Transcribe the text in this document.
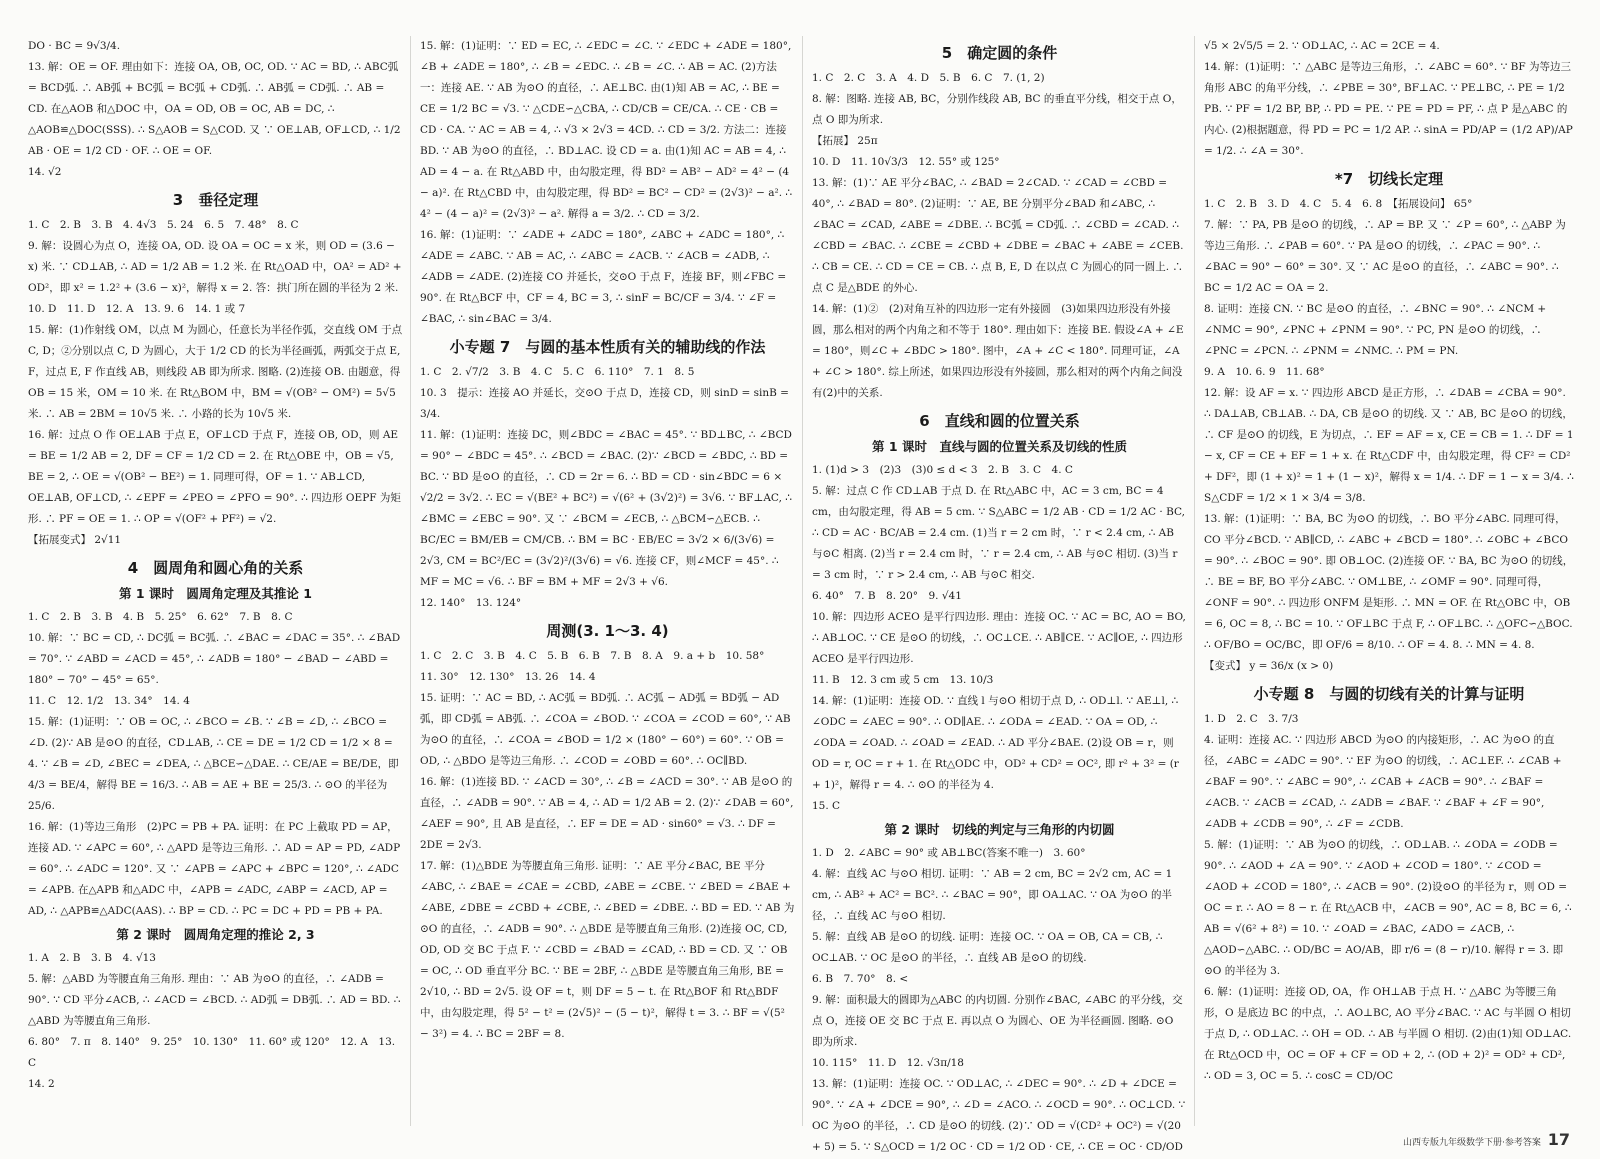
DO · BC = 9√3/4.

13. 解：OE = OF. 理由如下：连接 OA, OB, OC, OD. ∵ AC = BD, ∴ ABC弧 = BCD弧. ∴ AB弧 + BC弧 = BC弧 + CD弧. ∴ AB弧 = CD弧. ∴ AB = CD. 在△AOB 和△DOC 中，OA = OD, OB = OC, AB = DC, ∴ △AOB≌△DOC(SSS). ∴ S△AOB = S△COD. 又 ∵ OE⊥AB, OF⊥CD, ∴ 1/2 AB · OE = 1/2 CD · OF. ∴ OE = OF.

14. √2

3　垂径定理

1. C　2. B　3. B　4. 4√3　5. 24　6. 5　7. 48°　8. C

9. 解：设圆心为点 O，连接 OA, OD. 设 OA = OC = x 米，则 OD = (3.6 − x) 米. ∵ CD⊥AB, ∴ AD = 1/2 AB = 1.2 米. 在 Rt△OAD 中，OA² = AD² + OD²，即 x² = 1.2² + (3.6 − x)²，解得 x = 2. 答：拱门所在圆的半径为 2 米.

10. D　11. D　12. A　13. 9. 6　14. 1 或 7

15. 解：(1)作射线 OM，以点 M 为圆心，任意长为半径作弧，交直线 OM 于点 C, D；②分别以点 C, D 为圆心，大于 1/2 CD 的长为半径画弧，两弧交于点 E, F，过点 E, F 作直线 AB，则线段 AB 即为所求. 图略. (2)连接 OB. 由题意，得 OB = 15 米，OM = 10 米. 在 Rt△BOM 中，BM = √(OB² − OM²) = 5√5 米. ∴ AB = 2BM = 10√5 米. ∴ 小路的长为 10√5 米.

16. 解：过点 O 作 OE⊥AB 于点 E，OF⊥CD 于点 F，连接 OB, OD，则 AE = BE = 1/2 AB = 2, DF = CF = 1/2 CD = 2. 在 Rt△OBE 中，OB = √5, BE = 2, ∴ OE = √(OB² − BE²) = 1. 同理可得，OF = 1. ∵ AB⊥CD, OE⊥AB, OF⊥CD, ∴ ∠EPF = ∠PEO = ∠PFO = 90°. ∴ 四边形 OEPF 为矩形. ∴ PF = OE = 1. ∴ OP = √(OF² + PF²) = √2.

【拓展变式】 2√11

4　圆周角和圆心角的关系
第 1 课时　圆周角定理及其推论 1

1. C　2. B　3. B　4. B　5. 25°　6. 62°　7. B　8. C

10. 解：∵ BC = CD, ∴ DC弧 = BC弧. ∴ ∠BAC = ∠DAC = 35°. ∴ ∠BAD = 70°. ∵ ∠ABD = ∠ACD = 45°, ∴ ∠ADB = 180° − ∠BAD − ∠ABD = 180° − 70° − 45° = 65°.

11. C　12. 1/2　13. 34°　14. 4

15. 解：(1)证明：∵ OB = OC, ∴ ∠BCO = ∠B. ∵ ∠B = ∠D, ∴ ∠BCO = ∠D. (2)∵ AB 是⊙O 的直径，CD⊥AB, ∴ CE = DE = 1/2 CD = 1/2 × 8 = 4. ∵ ∠B = ∠D, ∠BEC = ∠DEA, ∴ △BCE∽△DAE. ∴ CE/AE = BE/DE，即 4/3 = BE/4，解得 BE = 16/3. ∴ AB = AE + BE = 25/3. ∴ ⊙O 的半径为 25/6.

16. 解：(1)等边三角形　(2)PC = PB + PA. 证明：在 PC 上截取 PD = AP，连接 AD. ∵ ∠APC = 60°, ∴ △APD 是等边三角形. ∴ AD = AP = PD, ∠ADP = 60°. ∴ ∠ADC = 120°. 又 ∵ ∠APB = ∠APC + ∠BPC = 120°, ∴ ∠ADC = ∠APB. 在△APB 和△ADC 中，∠APB = ∠ADC, ∠ABP = ∠ACD, AP = AD, ∴ △APB≌△ADC(AAS). ∴ BP = CD. ∴ PC = DC + PD = PB + PA.

第 2 课时　圆周角定理的推论 2, 3

1. A　2. B　3. B　4. √13

5. 解：△ABD 为等腰直角三角形. 理由：∵ AB 为⊙O 的直径，∴ ∠ADB = 90°. ∵ CD 平分∠ACB, ∴ ∠ACD = ∠BCD. ∴ AD弧 = DB弧. ∴ AD = BD. ∴ △ABD 为等腰直角三角形.

6. 80°　7. π　8. 140°　9. 25°　10. 130°　11. 60° 或 120°　12. A　13. C

14. 2

15. 解：(1)证明：∵ ED = EC, ∴ ∠EDC = ∠C. ∵ ∠EDC + ∠ADE = 180°, ∠B + ∠ADE = 180°, ∴ ∠B = ∠EDC. ∴ ∠B = ∠C. ∴ AB = AC. (2)方法一：连接 AE. ∵ AB 为⊙O 的直径，∴ AE⊥BC. 由(1)知 AB = AC, ∴ BE = CE = 1/2 BC = √3. ∵ △CDE∽△CBA, ∴ CD/CB = CE/CA. ∴ CE · CB = CD · CA. ∵ AC = AB = 4, ∴ √3 × 2√3 = 4CD. ∴ CD = 3/2. 方法二：连接 BD. ∵ AB 为⊙O 的直径，∴ BD⊥AC. 设 CD = a. 由(1)知 AC = AB = 4, ∴ AD = 4 − a. 在 Rt△ABD 中，由勾股定理，得 BD² = AB² − AD² = 4² − (4 − a)². 在 Rt△CBD 中，由勾股定理，得 BD² = BC² − CD² = (2√3)² − a². ∴ 4² − (4 − a)² = (2√3)² − a². 解得 a = 3/2. ∴ CD = 3/2.

16. 解：(1)证明：∵ ∠ADE + ∠ADC = 180°, ∠ABC + ∠ADC = 180°, ∴ ∠ADE = ∠ABC. ∵ AB = AC, ∴ ∠ABC = ∠ACB. ∵ ∠ACB = ∠ADB, ∴ ∠ADB = ∠ADE. (2)连接 CO 并延长，交⊙O 于点 F，连接 BF，则∠FBC = 90°. 在 Rt△BCF 中，CF = 4, BC = 3, ∴ sinF = BC/CF = 3/4. ∵ ∠F = ∠BAC, ∴ sin∠BAC = 3/4.

小专题 7　与圆的基本性质有关的辅助线的作法

1. C　2. √7/2　3. B　4. C　5. C　6. 110°　7. 1　8. 5

10. 3　提示：连接 AO 并延长，交⊙O 于点 D，连接 CD，则 sinD = sinB = 3/4.

11. 解：(1)证明：连接 DC，则∠BDC = ∠BAC = 45°. ∵ BD⊥BC, ∴ ∠BCD = 90° − ∠BDC = 45°. ∴ ∠BCD = ∠BAC. (2)∵ ∠BCD = ∠BDC, ∴ BD = BC. ∵ BD 是⊙O 的直径，∴ CD = 2r = 6. ∴ BD = CD · sin∠BDC = 6 × √2/2 = 3√2. ∴ EC = √(BE² + BC²) = √(6² + (3√2)²) = 3√6. ∵ BF⊥AC, ∴ ∠BMC = ∠EBC = 90°. 又 ∵ ∠BCM = ∠ECB, ∴ △BCM∽△ECB. ∴ BC/EC = BM/EB = CM/CB. ∴ BM = BC · EB/EC = 3√2 × 6/(3√6) = 2√3, CM = BC²/EC = (3√2)²/(3√6) = √6. 连接 CF，则∠MCF = 45°. ∴ MF = MC = √6. ∴ BF = BM + MF = 2√3 + √6.

12. 140°　13. 124°

周测(3. 1～3. 4)

1. C　2. C　3. B　4. C　5. B　6. B　7. B　8. A　9. a + b　10. 58°

11. 30°　12. 130°　13. 26　14. 4

15. 证明：∵ AC = BD, ∴ AC弧 = BD弧. ∴ AC弧 − AD弧 = BD弧 − AD弧，即 CD弧 = AB弧. ∴ ∠COA = ∠BOD. ∵ ∠COA = ∠COD = 60°, ∵ AB 为⊙O 的直径，∴ ∠COA = ∠BOD = 1/2 × (180° − 60°) = 60°. ∵ OB = OD, ∴ △BDO 是等边三角形. ∴ ∠COD = ∠OBD = 60°. ∴ OC∥BD.

16. 解：(1)连接 BD. ∵ ∠ACD = 30°, ∴ ∠B = ∠ACD = 30°. ∵ AB 是⊙O 的直径，∴ ∠ADB = 90°. ∵ AB = 4, ∴ AD = 1/2 AB = 2. (2)∵ ∠DAB = 60°, ∠AEF = 90°, 且 AB 是直径，∴ EF = DE = AD · sin60° = √3. ∴ DF = 2DE = 2√3.

17. 解：(1)△BDE 为等腰直角三角形. 证明：∵ AE 平分∠BAC, BE 平分∠ABC, ∴ ∠BAE = ∠CAE = ∠CBD, ∠ABE = ∠CBE. ∵ ∠BED = ∠BAE + ∠ABE, ∠DBE = ∠CBD + ∠CBE, ∴ ∠BED = ∠DBE. ∴ BD = ED. ∵ AB 为⊙O 的直径，∴ ∠ADB = 90°. ∴ △BDE 是等腰直角三角形. (2)连接 OC, CD, OD, OD 交 BC 于点 F. ∵ ∠CBD = ∠BAD = ∠CAD, ∴ BD = CD. 又 ∵ OB = OC, ∴ OD 垂直平分 BC. ∵ BE = 2BF, ∴ △BDE 是等腰直角三角形, BE = 2√10, ∴ BD = 2√5. 设 OF = t，则 DF = 5 − t. 在 Rt△BOF 和 Rt△BDF 中，由勾股定理，得 5² − t² = (2√5)² − (5 − t)²，解得 t = 3. ∴ BF = √(5² − 3²) = 4. ∴ BC = 2BF = 8.

5　确定圆的条件

1. C　2. C　3. A　4. D　5. B　6. C　7. (1, 2)

8. 解：图略. 连接 AB, BC，分别作线段 AB, BC 的垂直平分线，相交于点 O，点 O 即为所求.

【拓展】 25π

10. D　11. 10√3/3　12. 55° 或 125°

13. 解：(1)∵ AE 平分∠BAC, ∴ ∠BAD = 2∠CAD. ∵ ∠CAD = ∠CBD = 40°, ∴ ∠BAD = 80°. (2)证明：∵ AE, BE 分别平分∠BAD 和∠ABC, ∴ ∠BAC = ∠CAD, ∠ABE = ∠DBE. ∴ BC弧 = CD弧. ∴ ∠CBD = ∠CAD. ∴ ∠CBD = ∠BAC. ∴ ∠CBE = ∠CBD + ∠DBE = ∠BAC + ∠ABE = ∠CEB. ∴ CB = CE. ∴ CD = CE = CB. ∴ 点 B, E, D 在以点 C 为圆心的同一圆上. ∴ 点 C 是△BDE 的外心.

14. 解：(1)②　(2)对角互补的四边形一定有外接圆　(3)如果四边形没有外接圆，那么相对的两个内角之和不等于 180°. 理由如下：连接 BE. 假设∠A + ∠E = 180°，则∠C + ∠BDC > 180°. 图中，∠A + ∠C < 180°. 同理可证，∠A + ∠C > 180°. 综上所述，如果四边形没有外接圆，那么相对的两个内角之间没有(2)中的关系.

6　直线和圆的位置关系
第 1 课时　直线与圆的位置关系及切线的性质

1. (1)d > 3　(2)3　(3)0 ≤ d < 3　2. B　3. C　4. C

5. 解：过点 C 作 CD⊥AB 于点 D. 在 Rt△ABC 中，AC = 3 cm, BC = 4 cm，由勾股定理，得 AB = 5 cm. ∵ S△ABC = 1/2 AB · CD = 1/2 AC · BC, ∴ CD = AC · BC/AB = 2.4 cm. (1)当 r = 2 cm 时，∵ r < 2.4 cm, ∴ AB 与⊙C 相离. (2)当 r = 2.4 cm 时，∵ r = 2.4 cm, ∴ AB 与⊙C 相切. (3)当 r = 3 cm 时，∵ r > 2.4 cm, ∴ AB 与⊙C 相交.

6. 40°　7. B　8. 20°　9. √41

10. 解：四边形 ACEO 是平行四边形. 理由：连接 OC. ∵ AC = BC, AO = BO, ∴ AB⊥OC. ∵ CE 是⊙O 的切线，∴ OC⊥CE. ∴ AB∥CE. ∵ AC∥OE, ∴ 四边形 ACEO 是平行四边形.

11. B　12. 3 cm 或 5 cm　13. 10/3

14. 解：(1)证明：连接 OD. ∵ 直线 l 与⊙O 相切于点 D, ∴ OD⊥l. ∵ AE⊥l, ∴ ∠ODC = ∠AEC = 90°. ∴ OD∥AE. ∴ ∠ODA = ∠EAD. ∵ OA = OD, ∴ ∠ODA = ∠OAD. ∴ ∠OAD = ∠EAD. ∴ AD 平分∠BAE. (2)设 OB = r，则 OD = r, OC = r + 1. 在 Rt△ODC 中，OD² + CD² = OC², 即 r² + 3² = (r + 1)²，解得 r = 4. ∴ ⊙O 的半径为 4.

15. C

第 2 课时　切线的判定与三角形的内切圆

1. D　2. ∠ABC = 90° 或 AB⊥BC(答案不唯一)　3. 60°

4. 解：直线 AC 与⊙O 相切. 证明：∵ AB = 2 cm, BC = 2√2 cm, AC = 1 cm, ∴ AB² + AC² = BC². ∴ ∠BAC = 90°，即 OA⊥AC. ∵ OA 为⊙O 的半径，∴ 直线 AC 与⊙O 相切.

5. 解：直线 AB 是⊙O 的切线. 证明：连接 OC. ∵ OA = OB, CA = CB, ∴ OC⊥AB. ∵ OC 是⊙O 的半径，∴ 直线 AB 是⊙O 的切线.

6. B　7. 70°　8. <

9. 解：面积最大的圆即为△ABC 的内切圆. 分别作∠BAC, ∠ABC 的平分线，交点 O，连接 OE 交 BC 于点 E. 再以点 O 为圆心、OE 为半径画圆. 图略. ⊙O 即为所求.

10. 115°　11. D　12. √3π/18

13. 解：(1)证明：连接 OC. ∵ OD⊥AC, ∴ ∠DEC = 90°. ∴ ∠D + ∠DCE = 90°. ∵ ∠A + ∠DCE = 90°, ∴ ∠D = ∠ACO. ∴ ∠OCD = 90°. ∴ OC⊥CD. ∵ OC 为⊙O 的半径，∴ CD 是⊙O 的切线. (2)∵ OD = √(CD² + OC²) = √(20 + 5) = 5. ∵ S△OCD = 1/2 OC · CD = 1/2 OD · CE, ∴ CE = OC · CD/OD

√5 × 2√5/5 = 2. ∵ OD⊥AC, ∴ AC = 2CE = 4.

14. 解：(1)证明：∵ △ABC 是等边三角形，∴ ∠ABC = 60°. ∵ BF 为等边三角形 ABC 的角平分线，∴ ∠PBE = 30°, BF⊥AC. ∵ PE⊥BC, ∴ PE = 1/2 PB. ∵ PF = 1/2 BP, BP, ∴ PD = PE. ∵ PE = PD = PF, ∴ 点 P 是△ABC 的内心. (2)根据题意，得 PD = PC = 1/2 AP. ∴ sinA = PD/AP = (1/2 AP)/AP = 1/2. ∴ ∠A = 30°.

*7　切线长定理

1. C　2. B　3. D　4. C　5. 4　6. 8　【拓展设问】 65°

7. 解：∵ PA, PB 是⊙O 的切线，∴ AP = BP. 又 ∵ ∠P = 60°, ∴ △ABP 为等边三角形. ∴ ∠PAB = 60°. ∵ PA 是⊙O 的切线，∴ ∠PAC = 90°. ∴ ∠BAC = 90° − 60° = 30°. 又 ∵ AC 是⊙O 的直径，∴ ∠ABC = 90°. ∴ BC = 1/2 AC = OA = 2.

8. 证明：连接 CN. ∵ BC 是⊙O 的直径，∴ ∠BNC = 90°. ∴ ∠NCM + ∠NMC = 90°, ∠PNC + ∠PNM = 90°. ∵ PC, PN 是⊙O 的切线，∴ ∠PNC = ∠PCN. ∴ ∠PNM = ∠NMC. ∴ PM = PN.

9. A　10. 6. 9　11. 68°

12. 解：设 AF = x. ∵ 四边形 ABCD 是正方形，∴ ∠DAB = ∠CBA = 90°. ∴ DA⊥AB, CB⊥AB. ∴ DA, CB 是⊙O 的切线. 又 ∵ AB, BC 是⊙O 的切线，∴ CF 是⊙O 的切线，E 为切点，∴ EF = AF = x, CE = CB = 1. ∴ DF = 1 − x, CF = CE + EF = 1 + x. 在 Rt△CDF 中，由勾股定理，得 CF² = CD² + DF²，即 (1 + x)² = 1 + (1 − x)²，解得 x = 1/4. ∴ DF = 1 − x = 3/4. ∴ S△CDF = 1/2 × 1 × 3/4 = 3/8.

13. 解：(1)证明：∵ BA, BC 为⊙O 的切线，∴ BO 平分∠ABC. 同理可得，CO 平分∠BCD. ∵ AB∥CD, ∴ ∠ABC + ∠BCD = 180°. ∴ ∠OBC + ∠BCO = 90°. ∴ ∠BOC = 90°. 即 OB⊥OC. (2)连接 OF. ∵ BA, BC 为⊙O 的切线，∴ BE = BF, BO 平分∠ABC. ∵ OM⊥BE, ∴ ∠OMF = 90°. 同理可得，∠ONF = 90°. ∴ 四边形 ONFM 是矩形. ∴ MN = OF. 在 Rt△OBC 中，OB = 6, OC = 8, ∴ BC = 10. ∵ OF⊥BC 于点 F, ∴ OF⊥BC. ∴ △OFC∽△BOC. ∴ OF/BO = OC/BC，即 OF/6 = 8/10. ∴ OF = 4. 8. ∴ MN = 4. 8.

【变式】 y = 36/x (x > 0)

小专题 8　与圆的切线有关的计算与证明

1. D　2. C　3. 7/3

4. 证明：连接 AC. ∵ 四边形 ABCD 为⊙O 的内接矩形，∴ AC 为⊙O 的直径，∠ABC = ∠ADC = 90°. ∵ EF 为⊙O 的切线，∴ AC⊥EF. ∴ ∠CAB + ∠BAF = 90°. ∵ ∠ABC = 90°, ∴ ∠CAB + ∠ACB = 90°. ∴ ∠BAF = ∠ACB. ∵ ∠ACB = ∠CAD, ∴ ∠ADB = ∠BAF. ∵ ∠BAF + ∠F = 90°, ∠ADB + ∠CDB = 90°, ∴ ∠F = ∠CDB.

5. 解：(1)证明：∵ AB 为⊙O 的切线，∴ OD⊥AB. ∴ ∠ODA = ∠ODB = 90°. ∴ ∠AOD + ∠A = 90°. ∵ ∠AOD + ∠COD = 180°. ∵ ∠COD = ∠AOD + ∠COD = 180°, ∴ ∠ACB = 90°. (2)设⊙O 的半径为 r，则 OD = OC = r. ∴ AO = 8 − r. 在 Rt△ACB 中，∠ACB = 90°, AC = 8, BC = 6, ∴ AB = √(6² + 8²) = 10. ∵ ∠OAD = ∠BAC, ∠ADO = ∠ACB, ∴ △AOD∽△ABC. ∴ OD/BC = AO/AB，即 r/6 = (8 − r)/10. 解得 r = 3. 即⊙O 的半径为 3.

6. 解：(1)证明：连接 OD, OA，作 OH⊥AB 于点 H. ∵ △ABC 为等腰三角形，O 是底边 BC 的中点，∴ AO⊥BC, AO 平分∠BAC. ∵ AC 与半圆 O 相切于点 D, ∴ OD⊥AC. ∴ OH = OD. ∴ AB 与半圆 O 相切. (2)由(1)知 OD⊥AC. 在 Rt△OCD 中，OC = OF + CF = OD + 2, ∴ (OD + 2)² = OD² + CD², ∴ OD = 3, OC = 5. ∴ cosC = CD/OC

山西专版九年级数学下册·参考答案 17
